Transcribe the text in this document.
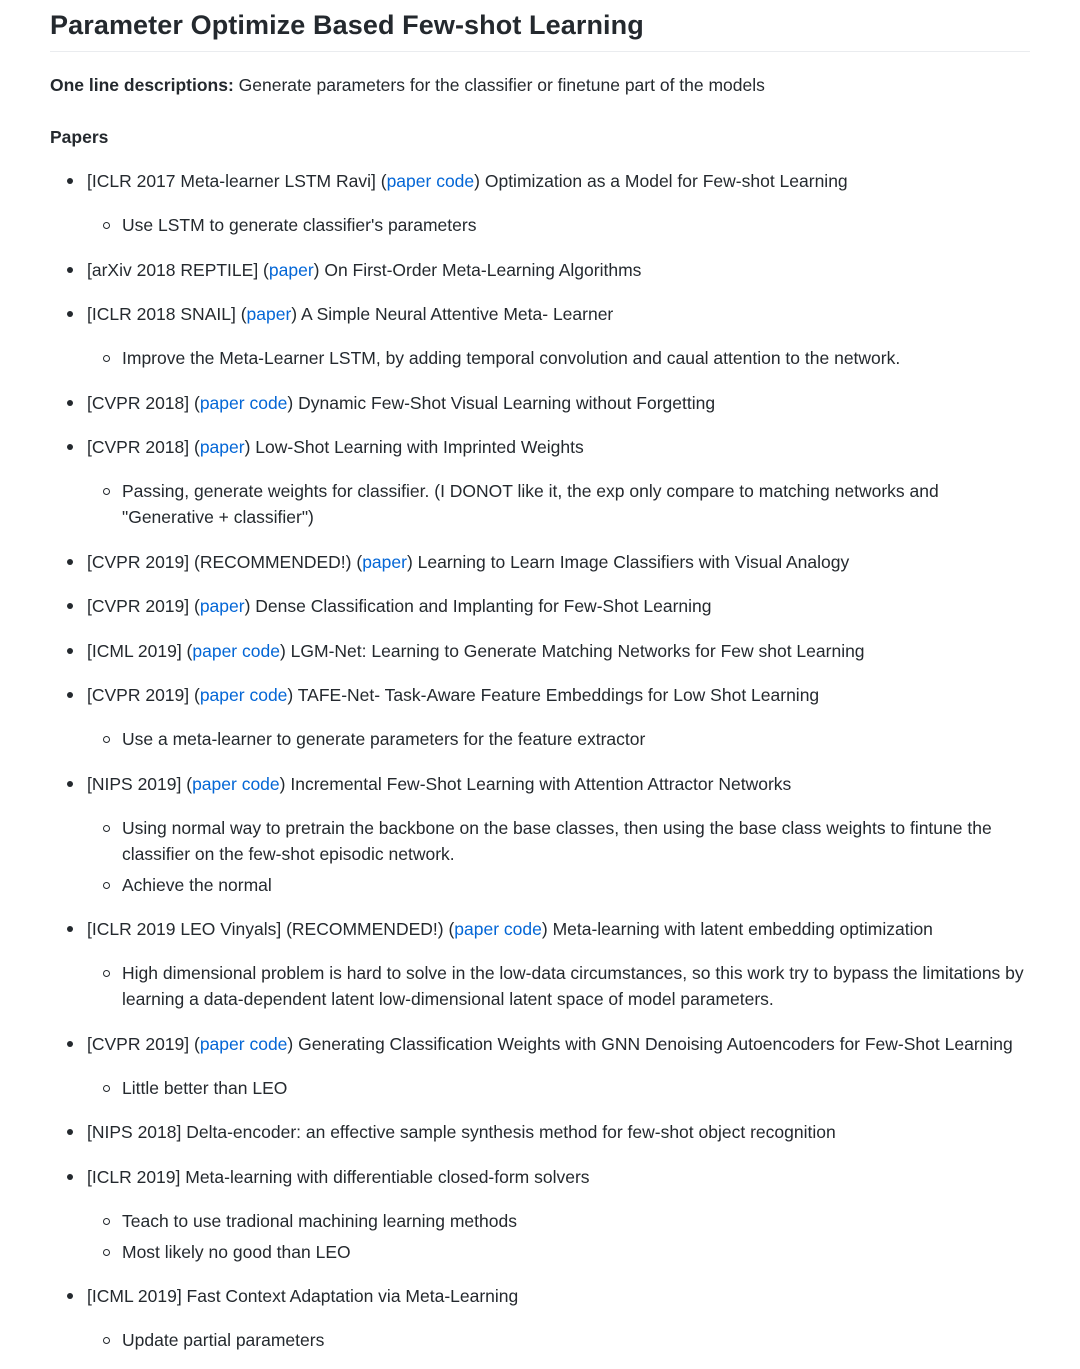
Parameter Optimize Based Few-shot Learning
One line descriptions: Generate parameters for the classifier or finetune part of the models
Papers
[ICLR 2017 Meta-learner LSTM Ravi] (paper code) Optimization as a Model for Few-shot Learning
Use LSTM to generate classifier's parameters
[arXiv 2018 REPTILE] (paper) On First-Order Meta-Learning Algorithms
[ICLR 2018 SNAIL] (paper) A Simple Neural Attentive Meta- Learner
Improve the Meta-Learner LSTM, by adding temporal convolution and caual attention to the network.
[CVPR 2018] (paper code) Dynamic Few-Shot Visual Learning without Forgetting
[CVPR 2018] (paper) Low-Shot Learning with Imprinted Weights
Passing, generate weights for classifier. (I DONOT like it, the exp only compare to matching networks and "Generative + classifier")
[CVPR 2019] (RECOMMENDED!) (paper) Learning to Learn Image Classifiers with Visual Analogy
[CVPR 2019] (paper) Dense Classification and Implanting for Few-Shot Learning
[ICML 2019] (paper code) LGM-Net: Learning to Generate Matching Networks for Few shot Learning
[CVPR 2019] (paper code) TAFE-Net- Task-Aware Feature Embeddings for Low Shot Learning
Use a meta-learner to generate parameters for the feature extractor
[NIPS 2019] (paper code) Incremental Few-Shot Learning with Attention Attractor Networks
Using normal way to pretrain the backbone on the base classes, then using the base class weights to fintune the classifier on the few-shot episodic network.
Achieve the normal
[ICLR 2019 LEO Vinyals] (RECOMMENDED!) (paper code) Meta-learning with latent embedding optimization
High dimensional problem is hard to solve in the low-data circumstances, so this work try to bypass the limitations by learning a data-dependent latent low-dimensional latent space of model parameters.
[CVPR 2019] (paper code) Generating Classification Weights with GNN Denoising Autoencoders for Few-Shot Learning
Little better than LEO
[NIPS 2018] Delta-encoder: an effective sample synthesis method for few-shot object recognition
[ICLR 2019] Meta-learning with differentiable closed-form solvers
Teach to use tradional machining learning methods
Most likely no good than LEO
[ICML 2019] Fast Context Adaptation via Meta-Learning
Update partial parameters
